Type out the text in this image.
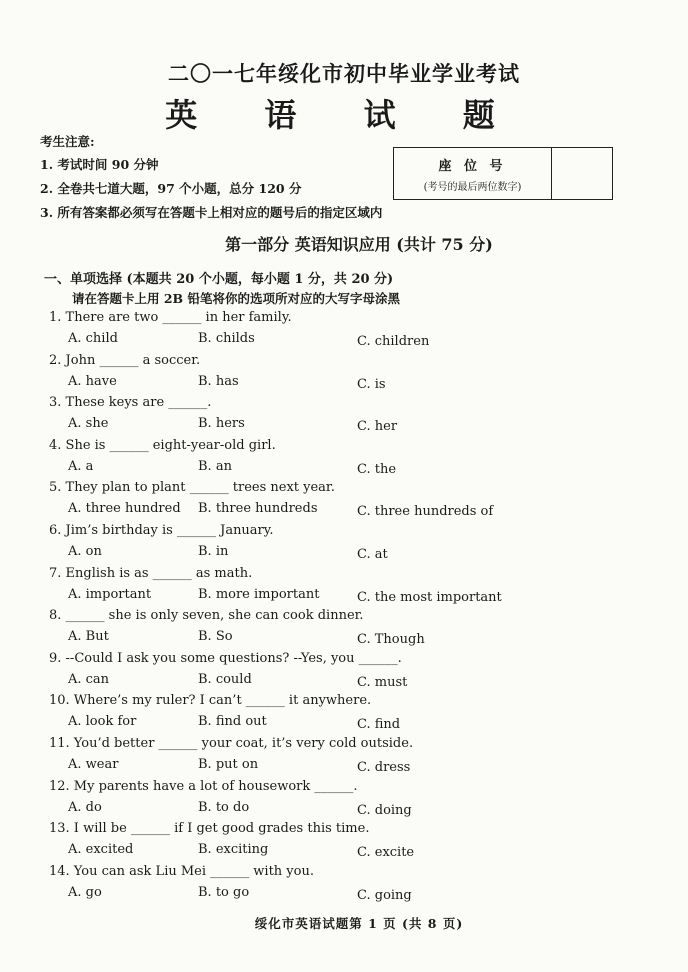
二〇一七年绥化市初中毕业学业考试
英 语 试 题
考生注意:
1. 考试时间 90 分钟
2. 全卷共七道大题，97 个小题，总分 120 分
3. 所有答案都必须写在答题卡上相对应的题号后的指定区域内
座 位 号
(考号的最后两位数字)
第一部分 英语知识应用 (共计 75 分)
一、单项选择 (本题共 20 个小题，每小题 1 分，共 20 分)
请在答题卡上用 2B 铅笔将你的选项所对应的大写字母涂黑
1. There are two ______ in her family.
A. child	B. childs	C. children
2. John ______ a soccer.
A. have	B. has	C. is
3. These keys are ______.
A. she	B. hers	C. her
4. She is ______ eight-year-old girl.
A. a	B. an	C. the
5. They plan to plant ______ trees next year.
A. three hundred B. three hundreds	C. three hundreds of
6. Jim’s birthday is ______ January.
A. on	B. in	C. at
7. English is as ______ as math.
A. important	B. more important	C. the most important
8. ______ she is only seven, she can cook dinner.
A. But	B. So	C. Though
9. --Could I ask you some questions? --Yes, you ______.
A. can	B. could	C. must
10. Where’s my ruler? I can’t ______ it anywhere.
A. look for	B. find out	C. find
11. You’d better ______ your coat, it’s very cold outside.
A. wear	B. put on	C. dress
12. My parents have a lot of housework ______.
A. do	B. to do	C. doing
13. I will be ______ if I get good grades this time.
A. excited	B. exciting	C. excite
14. You can ask Liu Mei ______ with you.
A. go	B. to go	C. going
绥化市英语试题第 1 页 (共 8 页)
